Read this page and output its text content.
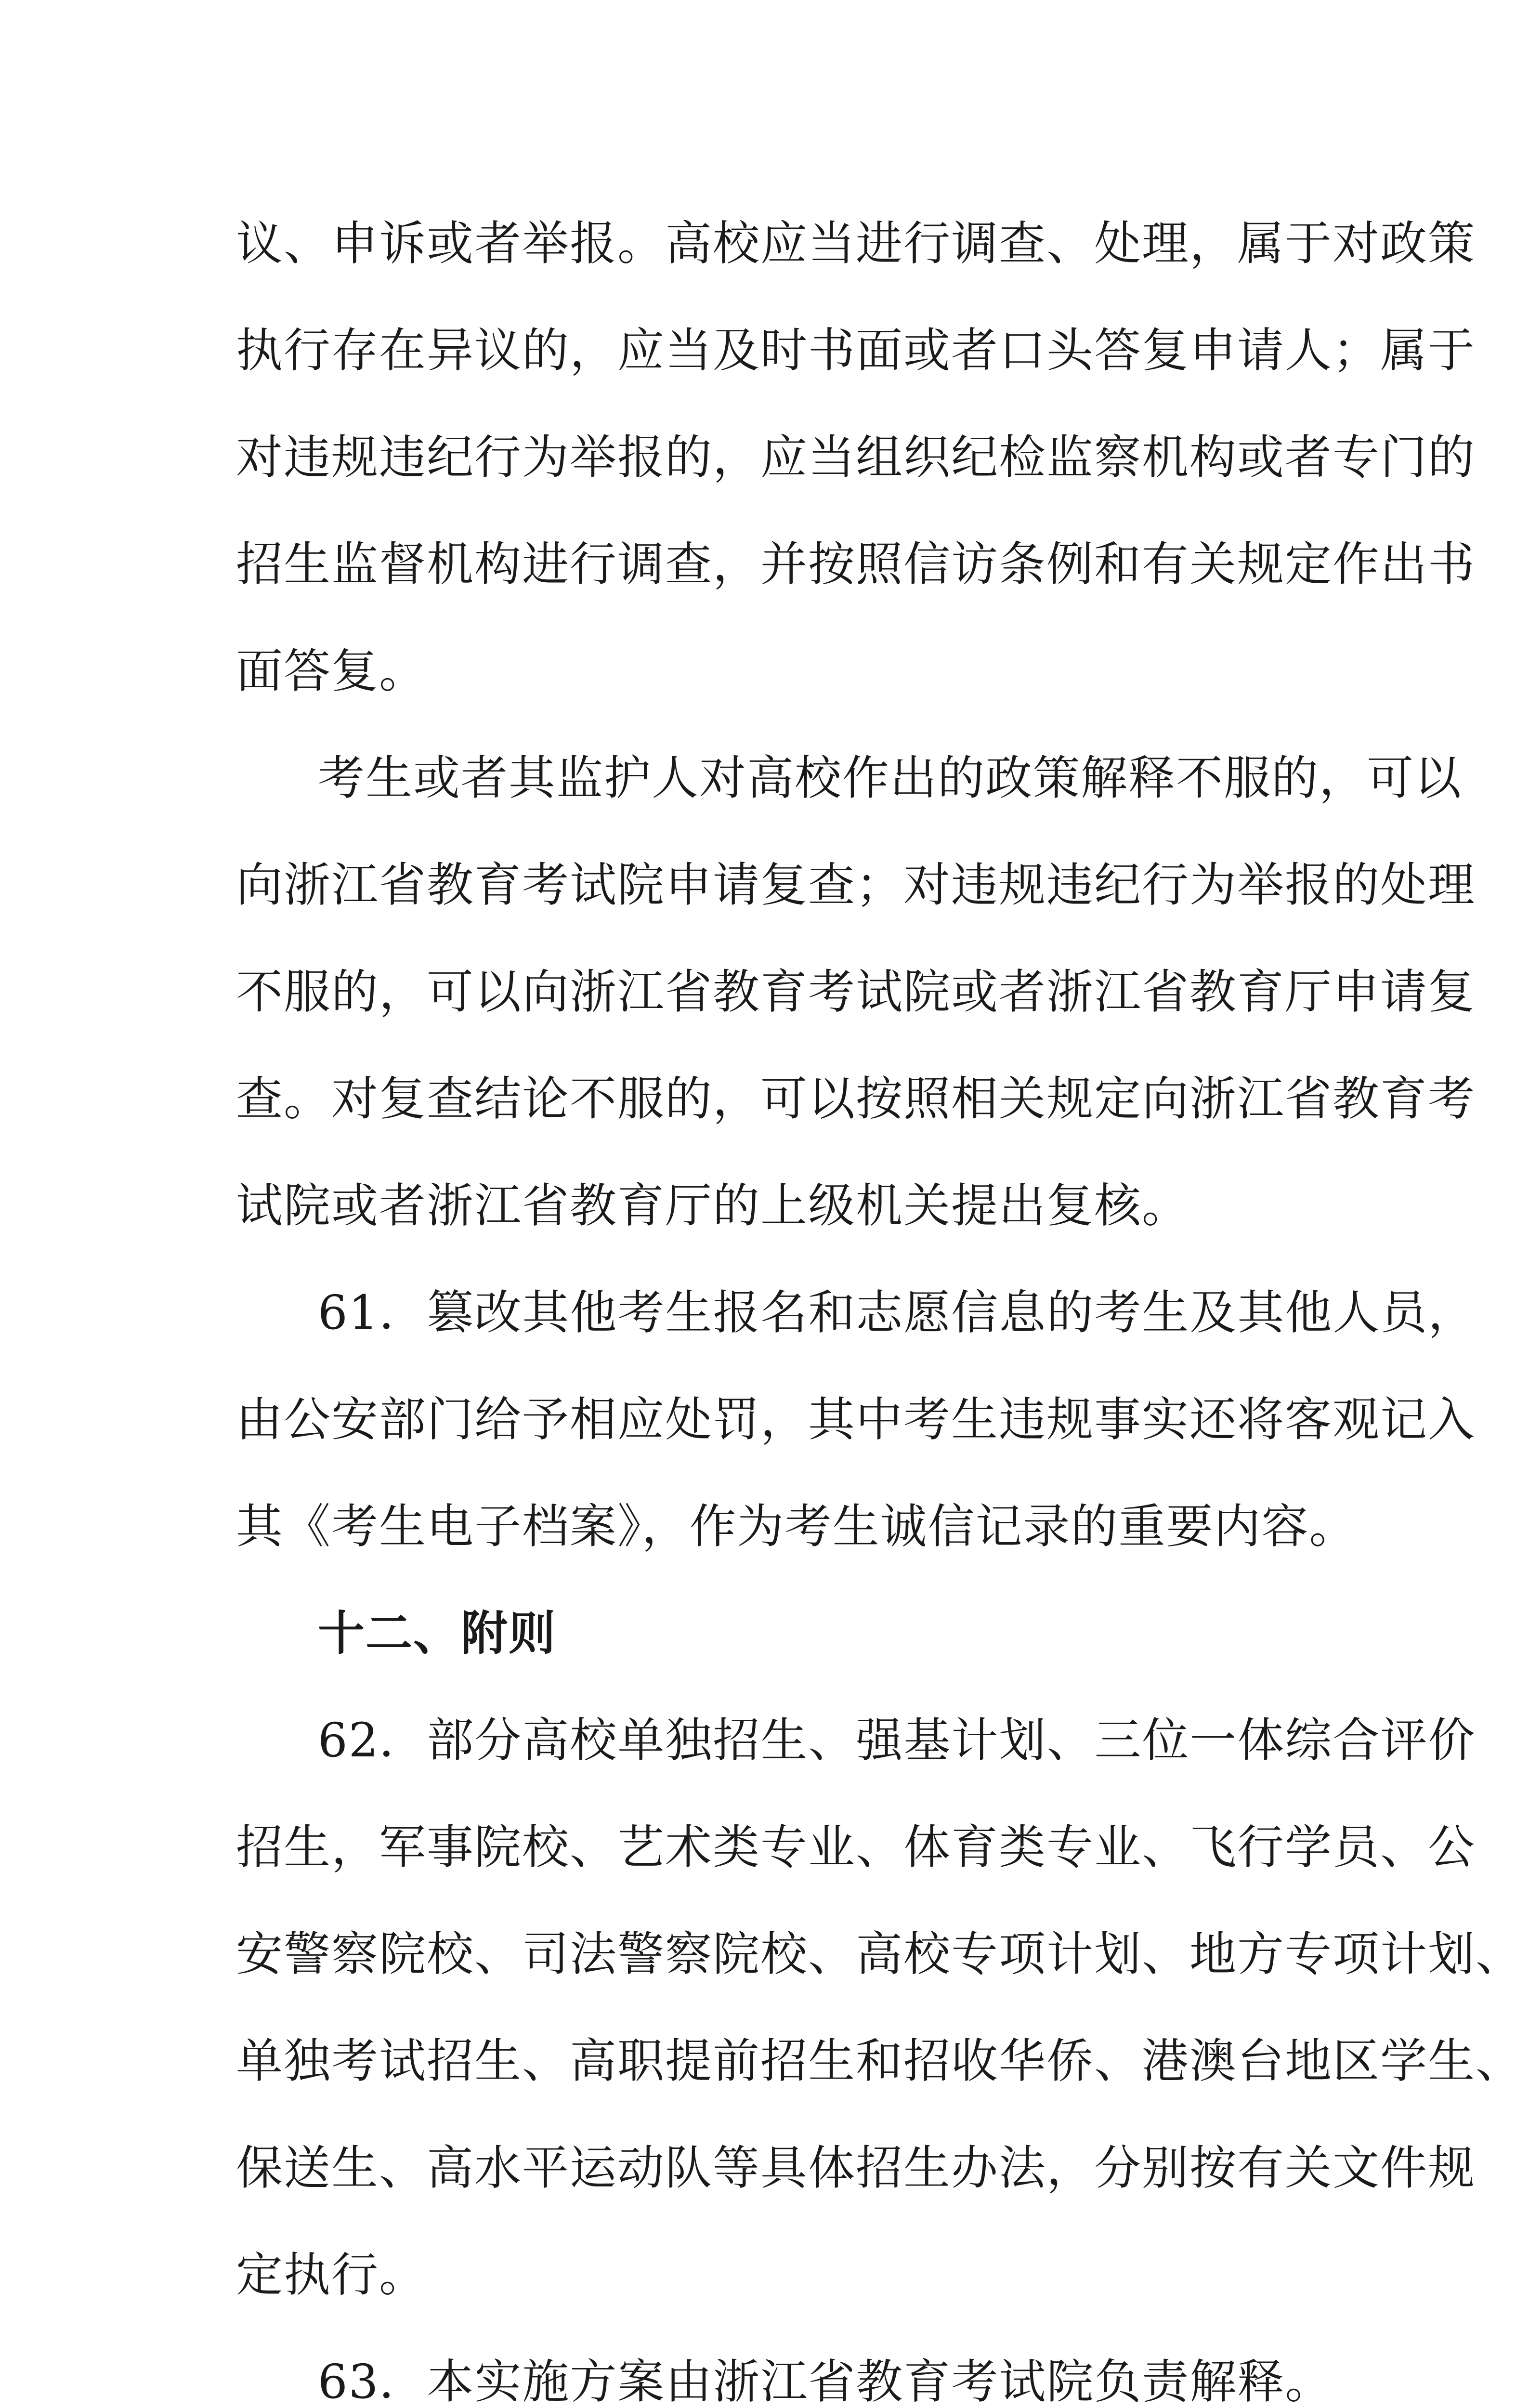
议、申诉或者举报。高校应当进行调查、处理，属于对政策
执行存在异议的，应当及时书面或者口头答复申请人；属于
对违规违纪行为举报的，应当组织纪检监察机构或者专门的
招生监督机构进行调查，并按照信访条例和有关规定作出书
面答复。
考生或者其监护人对高校作出的政策解释不服的，可以
向浙江省教育考试院申请复查；对违规违纪行为举报的处理
不服的，可以向浙江省教育考试院或者浙江省教育厅申请复
查。对复查结论不服的，可以按照相关规定向浙江省教育考
试院或者浙江省教育厅的上级机关提出复核。
61．篡改其他考生报名和志愿信息的考生及其他人员，
由公安部门给予相应处罚，其中考生违规事实还将客观记入
其《考生电子档案》，作为考生诚信记录的重要内容。
十二、附则
62．部分高校单独招生、强基计划、三位一体综合评价
招生，军事院校、艺术类专业、体育类专业、飞行学员、公
安警察院校、司法警察院校、高校专项计划、地方专项计划、
单独考试招生、高职提前招生和招收华侨、港澳台地区学生、
保送生、高水平运动队等具体招生办法，分别按有关文件规
定执行。
63．本实施方案由浙江省教育考试院负责解释。
